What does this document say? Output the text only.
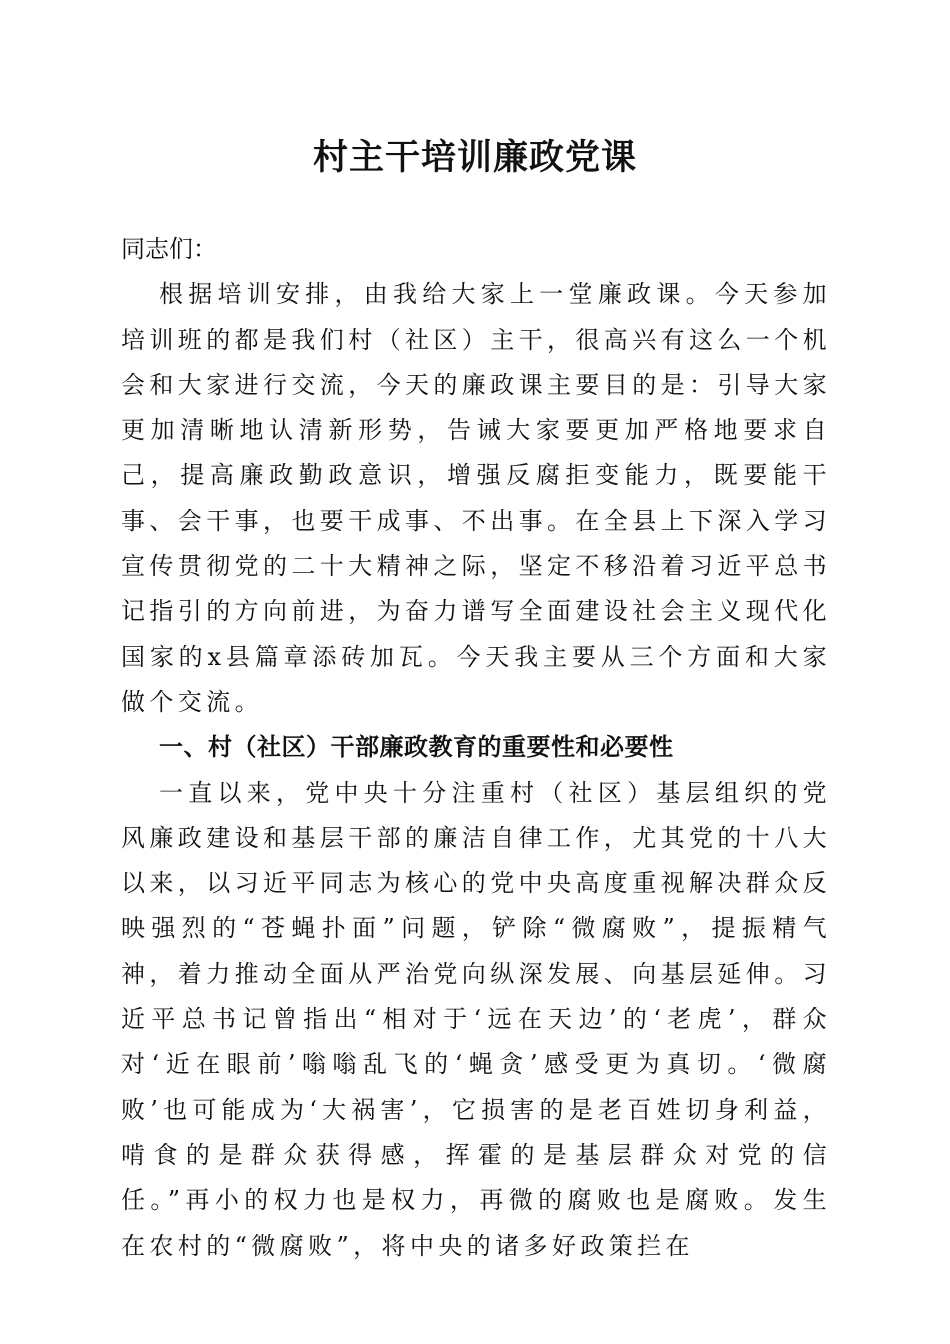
村主干培训廉政党课

同志们：

根据培训安排，由我给大家上一堂廉政课。今天参加培训班的都是我们村（社区）主干，很高兴有这么一个机会和大家进行交流，今天的廉政课主要目的是：引导大家更加清晰地认清新形势，告诫大家要更加严格地要求自己，提高廉政勤政意识，增强反腐拒变能力，既要能干事、会干事，也要干成事、不出事。在全县上下深入学习宣传贯彻党的二十大精神之际，坚定不移沿着习近平总书记指引的方向前进，为奋力谱写全面建设社会主义现代化国家的x县篇章添砖加瓦。今天我主要从三个方面和大家做个交流。

一、村（社区）干部廉政教育的重要性和必要性

一直以来，党中央十分注重村（社区）基层组织的党风廉政建设和基层干部的廉洁自律工作，尤其党的十八大以来，以习近平同志为核心的党中央高度重视解决群众反映强烈的“苍蝇扑面”问题，铲除“微腐败”，提振精气神，着力推动全面从严治党向纵深发展、向基层延伸。习近平总书记曾指出“相对于‘远在天边’的‘老虎’，群众对‘近在眼前’嗡嗡乱飞的‘蝇贪’感受更为真切。‘微腐败’也可能成为‘大祸害’，它损害的是老百姓切身利益，啃食的是群众获得感，挥霍的是基层群众对党的信任。”再小的权力也是权力，再微的腐败也是腐败。发生在农村的“微腐败”，将中央的诸多好政策拦在
